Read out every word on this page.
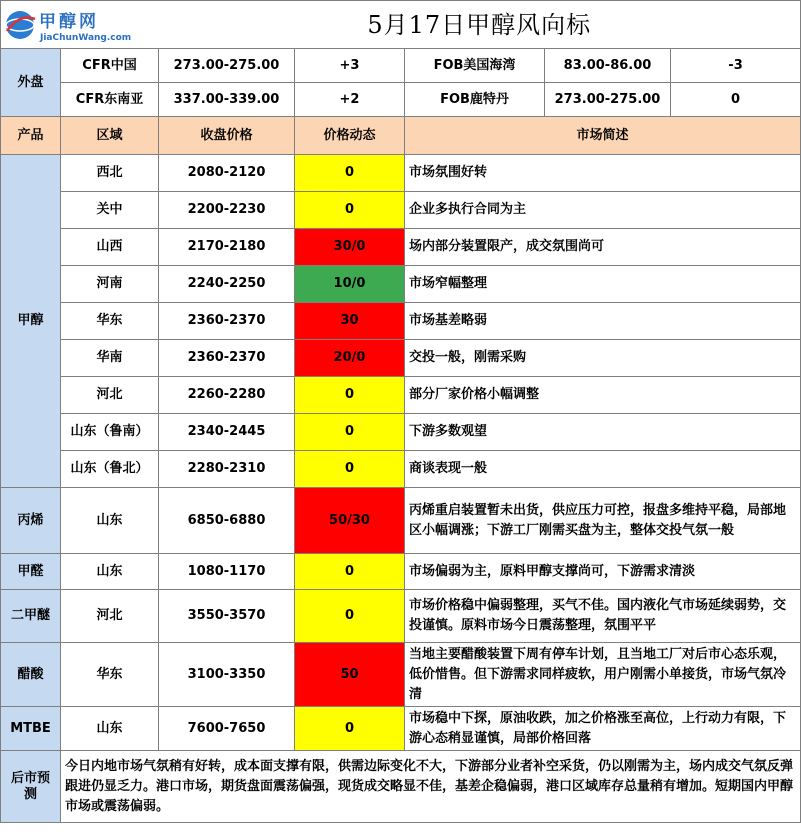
甲醇网
JiaChunWang.com		5月17日甲醇风向标				
外盘	CFR中国	273.00-275.00	+3	FOB美国海湾	83.00-86.00	-3
	CFR东南亚	337.00-339.00	+2	FOB鹿特丹	273.00-275.00	0
产品	区域	收盘价格	价格动态	市场简述		
甲醇	西北	2080-2120	0	市场氛围好转		
	关中	2200-2230	0	企业多执行合同为主		
	山西	2170-2180	30/0	场内部分装置限产，成交氛围尚可		
	河南	2240-2250	10/0	市场窄幅整理		
	华东	2360-2370	30	市场基差略弱		
	华南	2360-2370	20/0	交投一般，刚需采购		
	河北	2260-2280	0	部分厂家价格小幅调整		
	山东（鲁南）	2340-2445	0	下游多数观望		
	山东（鲁北）	2280-2310	0	商谈表现一般		
丙烯	山东	6850-6880	50/30	丙烯重启装置暂未出货，供应压力可控，报盘多维持平稳，局部地区小幅调涨；下游工厂刚需买盘为主，整体交投气氛一般		
甲醛	山东	1080-1170	0	市场偏弱为主，原料甲醇支撑尚可，下游需求清淡		
二甲醚	河北	3550-3570	0	市场价格稳中偏弱整理，买气不佳。国内液化气市场延续弱势，交投谨慎。原料市场今日震荡整理，氛围平平		
醋酸	华东	3100-3350	50	当地主要醋酸装置下周有停车计划，且当地工厂对后市心态乐观，低价惜售。但下游需求同样疲软，用户刚需小单接货，市场气氛冷清		
MTBE	山东	7600-7650	0	市场稳中下探，原油收跌，加之价格涨至高位，上行动力有限，下游心态稍显谨慎，局部价格回落		
后市预测	今日内地市场气氛稍有好转，成本面支撑有限，供需边际变化不大，下游部分业者补空采货，仍以刚需为主，场内成交气氛反弹跟进仍显乏力。港口市场，期货盘面震荡偏强，现货成交略显不佳，基差企稳偏弱，港口区域库存总量稍有增加。短期国内甲醇市场或震荡偏弱。					
